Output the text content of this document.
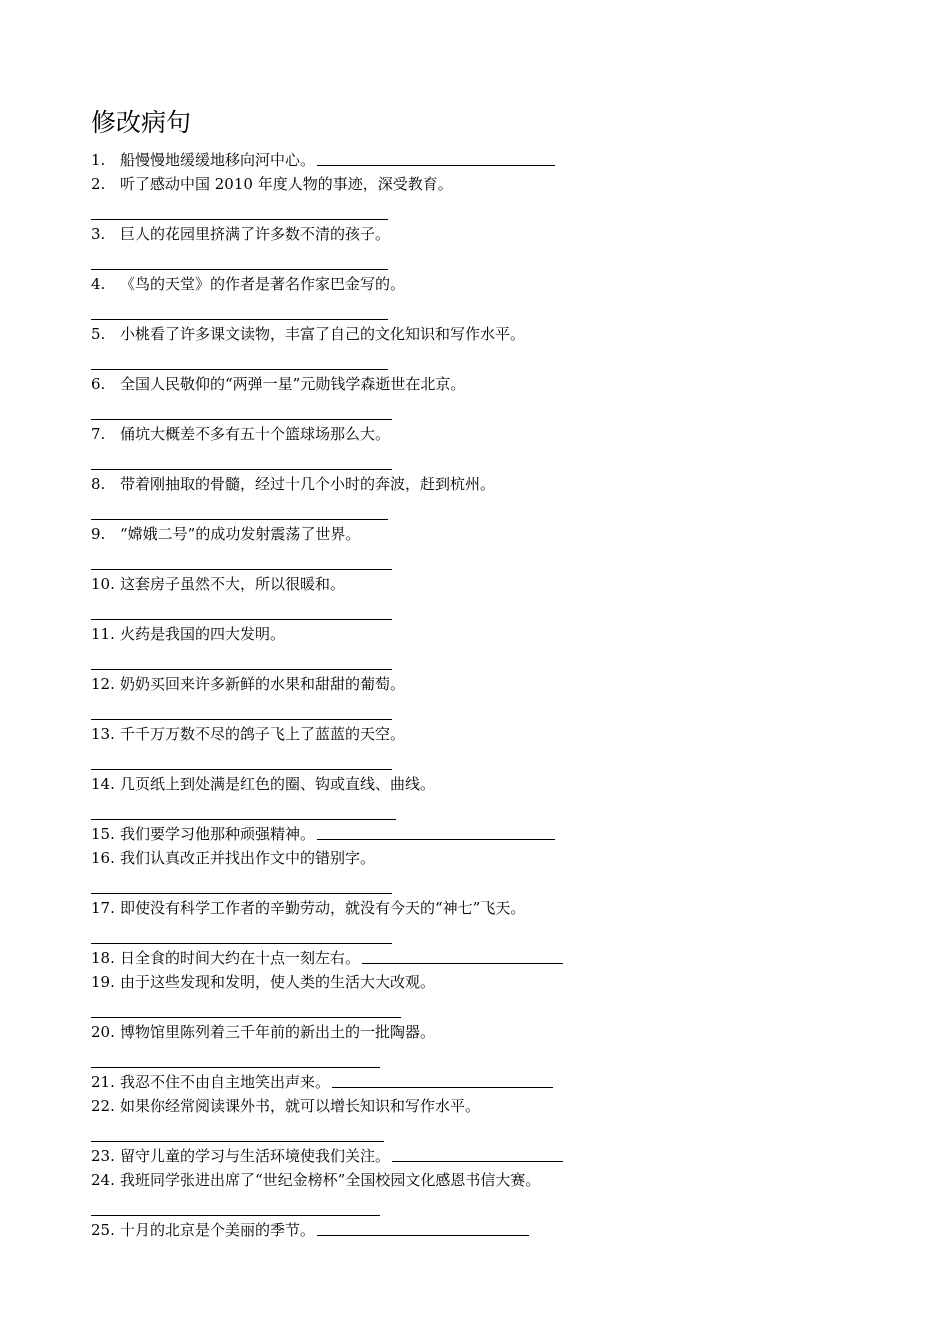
修改病句
1. 船慢慢地缓缓地移向河中心。
2. 听了感动中国 2010 年度人物的事迹，深受教育。
3. 巨人的花园里挤满了许多数不清的孩子。
4. 《鸟的天堂》的作者是著名作家巴金写的。
5. 小桃看了许多课文读物，丰富了自己的文化知识和写作水平。
6. 全国人民敬仰的“两弹一星”元勋钱学森逝世在北京。
7. 俑坑大概差不多有五十个篮球场那么大。
8. 带着刚抽取的骨髓，经过十几个小时的奔波，赶到杭州。
9. “嫦娥二号”的成功发射震荡了世界。
10. 这套房子虽然不大，所以很暖和。
11. 火药是我国的四大发明。
12. 奶奶买回来许多新鲜的水果和甜甜的葡萄。
13. 千千万万数不尽的鸽子飞上了蓝蓝的天空。
14. 几页纸上到处满是红色的圈、钩或直线、曲线。
15. 我们要学习他那种顽强精神。
16. 我们认真改正并找出作文中的错别字。
17. 即使没有科学工作者的辛勤劳动，就没有今天的“神七”飞天。
18. 日全食的时间大约在十点一刻左右。
19. 由于这些发现和发明，使人类的生活大大改观。
20. 博物馆里陈列着三千年前的新出土的一批陶器。
21. 我忍不住不由自主地笑出声来。
22. 如果你经常阅读课外书，就可以增长知识和写作水平。
23. 留守儿童的学习与生活环境使我们关注。
24. 我班同学张进出席了“世纪金榜杯”全国校园文化感恩书信大赛。
25. 十月的北京是个美丽的季节。
